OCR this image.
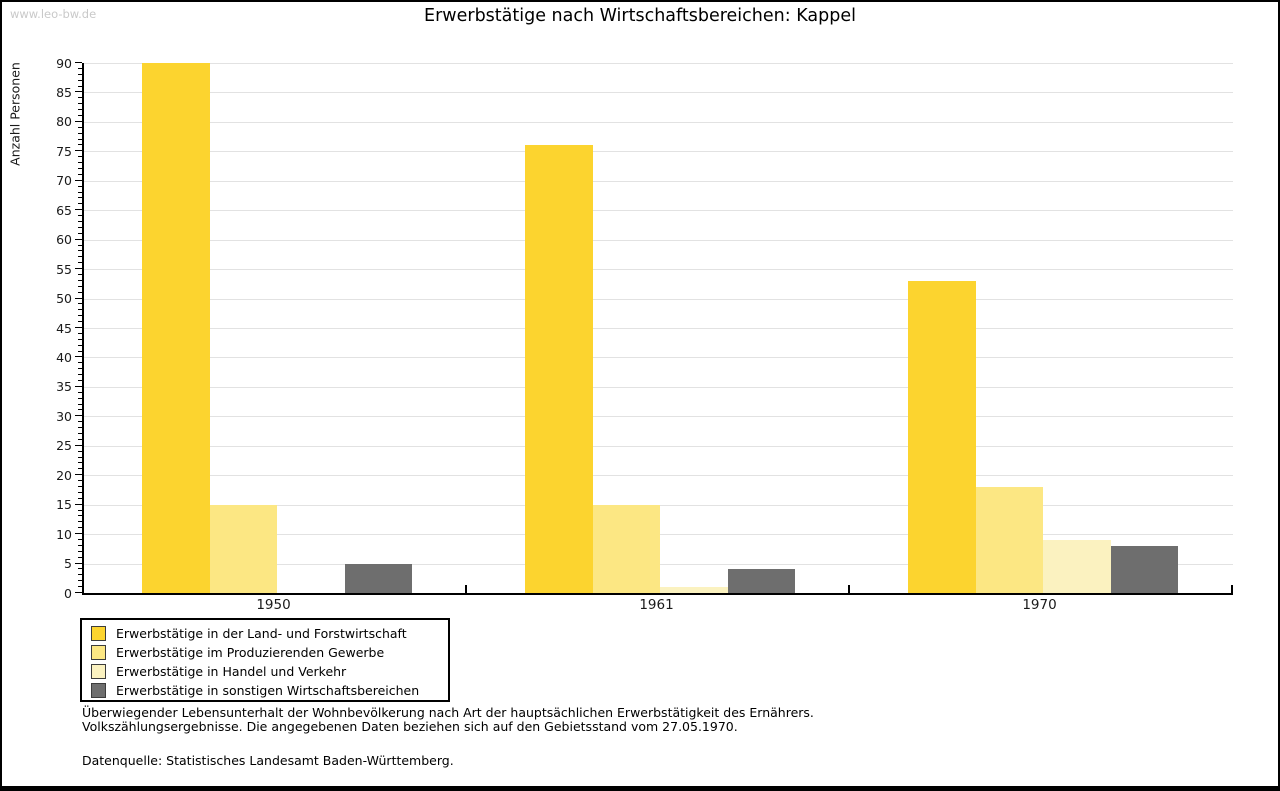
www.leo-bw.de	Erwerbstätige nach Wirtschaftsbereichen: Kappel
Anzahl Personen
0
5
10
15
20
25
30
35
40
45
50
55
60
65
70
75
80
85
90
1950	1961	1970
Erwerbstätige in der Land- und Forstwirtschaft
Erwerbstätige im Produzierenden Gewerbe
Erwerbstätige in Handel und Verkehr
Erwerbstätige in sonstigen Wirtschaftsbereichen
Überwiegender Lebensunterhalt der Wohnbevölkerung nach Art der hauptsächlichen Erwerbstätigkeit des Ernährers.
Volkszählungsergebnisse. Die angegebenen Daten beziehen sich auf den Gebietsstand vom 27.05.1970.
Datenquelle: Statistisches Landesamt Baden-Württemberg.
